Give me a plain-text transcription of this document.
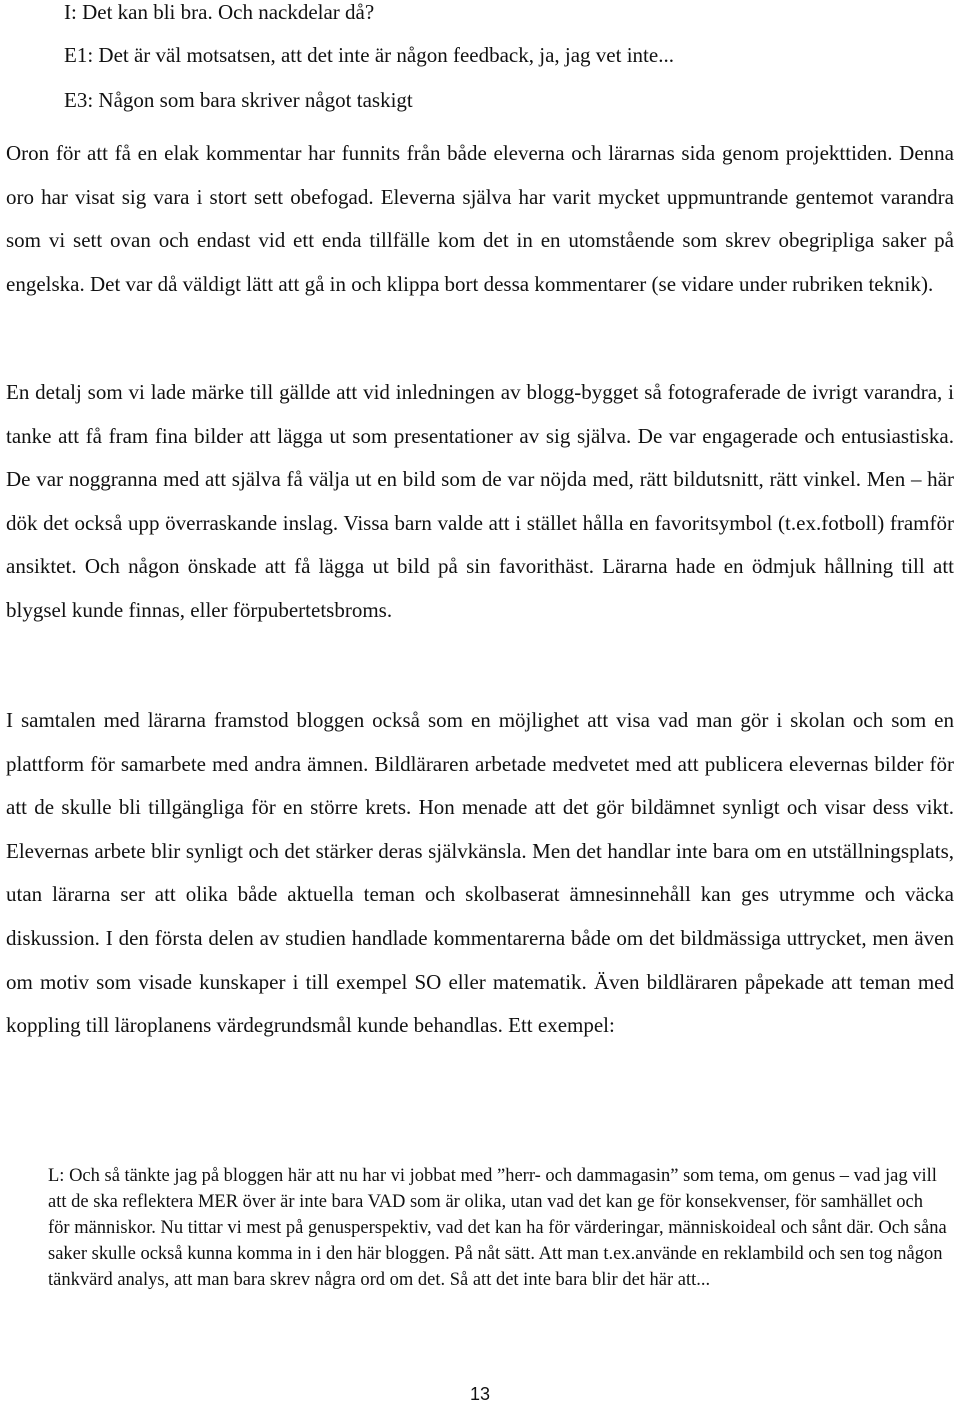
I: Det kan bli bra. Och nackdelar då?
E1: Det är väl motsatsen, att det inte är någon feedback, ja, jag vet inte...
E3: Någon som bara skriver något taskigt

Oron för att få en elak kommentar har funnits från både eleverna och lärarnas sida genom projekttiden. Denna oro har visat sig vara i stort sett obefogad. Eleverna själva har varit mycket uppmuntrande gentemot varandra som vi sett ovan och endast vid ett enda tillfälle kom det in en utomstående som skrev obegripliga saker på engelska. Det var då väldigt lätt att gå in och klippa bort dessa kommentarer (se vidare under rubriken teknik).

En detalj som vi lade märke till gällde att vid inledningen av blogg-bygget så fotograferade de ivrigt varandra, i tanke att få fram fina bilder att lägga ut som presentationer av sig själva. De var engagerade och entusiastiska. De var noggranna med att själva få välja ut en bild som de var nöjda med, rätt bildutsnitt, rätt vinkel. Men – här dök det också upp överraskande inslag. Vissa barn valde att i stället hålla en favoritsymbol (t.ex.fotboll) framför ansiktet. Och någon önskade att få lägga ut bild på sin favorithäst. Lärarna hade en ödmjuk hållning till att blygsel kunde finnas, eller förpubertetsbroms.

I samtalen med lärarna framstod bloggen också som en möjlighet att visa vad man gör i skolan och som en plattform för samarbete med andra ämnen. Bildläraren arbetade medvetet med att publicera elevernas bilder för att de skulle bli tillgängliga för en större krets. Hon menade att det gör bildämnet synligt och visar dess vikt. Elevernas arbete blir synligt och det stärker deras självkänsla. Men det handlar inte bara om en utställningsplats, utan lärarna ser att olika både aktuella teman och skolbaserat ämnesinnehåll kan ges utrymme och väcka diskussion. I den första delen av studien handlade kommentarerna både om det bildmässiga uttrycket, men även om motiv som visade kunskaper i till exempel SO eller matematik. Även bildläraren påpekade att teman med koppling till läroplanens värdegrundsmål kunde behandlas. Ett exempel:

L: Och så tänkte jag på bloggen här att nu har vi jobbat med ”herr- och dammagasin” som tema, om genus – vad jag vill att de ska reflektera MER över är inte bara VAD som är olika, utan vad det kan ge för konsekvenser, för samhället och för människor. Nu tittar vi mest på genusperspektiv, vad det kan ha för värderingar, människoideal och sånt där. Och såna saker skulle också kunna komma in i den här bloggen. På nåt sätt. Att man t.ex.använde en reklambild och sen tog någon tänkvärd analys, att man bara skrev några ord om det. Så att det inte bara blir det här att...

13
